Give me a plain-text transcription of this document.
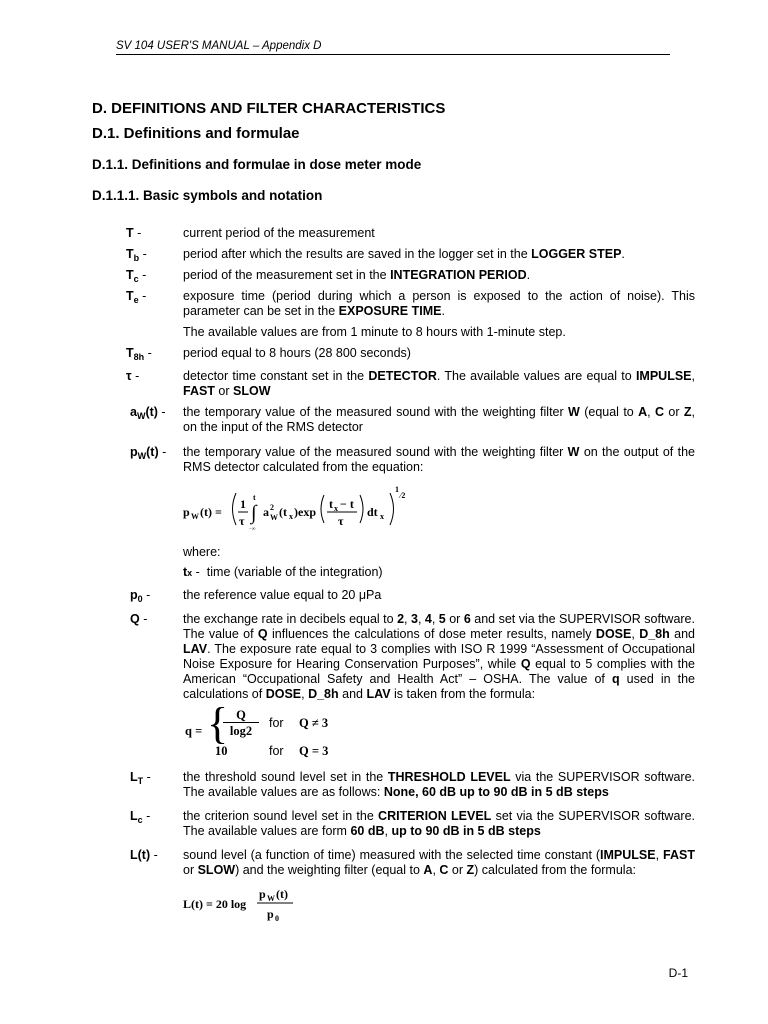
SV 104 USER'S MANUAL – Appendix D
D. DEFINITIONS AND FILTER CHARACTERISTICS
D.1. Definitions and formulae
D.1.1. Definitions and formulae in dose meter mode
D.1.1.1. Basic symbols and notation
T -	current period of the measurement
$T_b$ -	period after which the results are saved in the logger set in the LOGGER STEP.
$T_c$ -	period of the measurement set in the INTEGRATION PERIOD.
$T_e$ -	exposure time (period during which a person is exposed to the action of noise). This parameter can be set in the EXPOSURE TIME.
The available values are from 1 minute to 8 hours with 1-minute step.
$T_{8h}$ - period equal to 8 hours (28 800 seconds)
τ -	detector time constant set in the DETECTOR. The available values are equal to IMPULSE, FAST or SLOW
$a_W(t)$ - the temporary value of the measured sound with the weighting filter W (equal to A, C or Z, on the input of the RMS detector
$p_W(t)$ - the temporary value of the measured sound with the weighting filter W on the output of the RMS detector calculated from the equation:
p W (t) =
1
τ ∫
t
−∞
a 2
W (t x )exp
t x − t
τ
dt x
1
⁄2
where:
tx -  time (variable of the integration)
$p_0$ -	the reference value equal to 20 μPa
Q -	the exchange rate in decibels equal to 2, 3, 4, 5 or 6 and set via the SUPERVISOR software. The value of Q influences the calculations of dose meter results, namely DOSE, D_8h and LAV. The exposure rate equal to 3 complies with ISO R 1999 “Assessment of Occupational Noise Exposure for Hearing Conservation Purposes”, while Q equal to 5 complies with the American “Occupational Safety and Health Act” – OSHA. The value of q used in the calculations of DOSE, D_8h and LAV is taken from the formula:
q = { Q
log2
for Q ≠ 3
10	for Q = 3
$L_T$ -	the threshold sound level set in the THRESHOLD LEVEL via the SUPERVISOR software. The available values are as follows: None, 60 dB up to 90 dB in 5 dB steps
$L_c$ -	the criterion sound level set in the CRITERION LEVEL set via the SUPERVISOR software. The available values are form 60 dB, up to 90 dB in 5 dB steps
L(t) - sound level (a function of time) measured with the selected time constant (IMPULSE, FAST or SLOW) and the weighting filter (equal to A, C or Z) calculated from the formula:
L(t) = 20 log
p W (t)
p 0
D-1
